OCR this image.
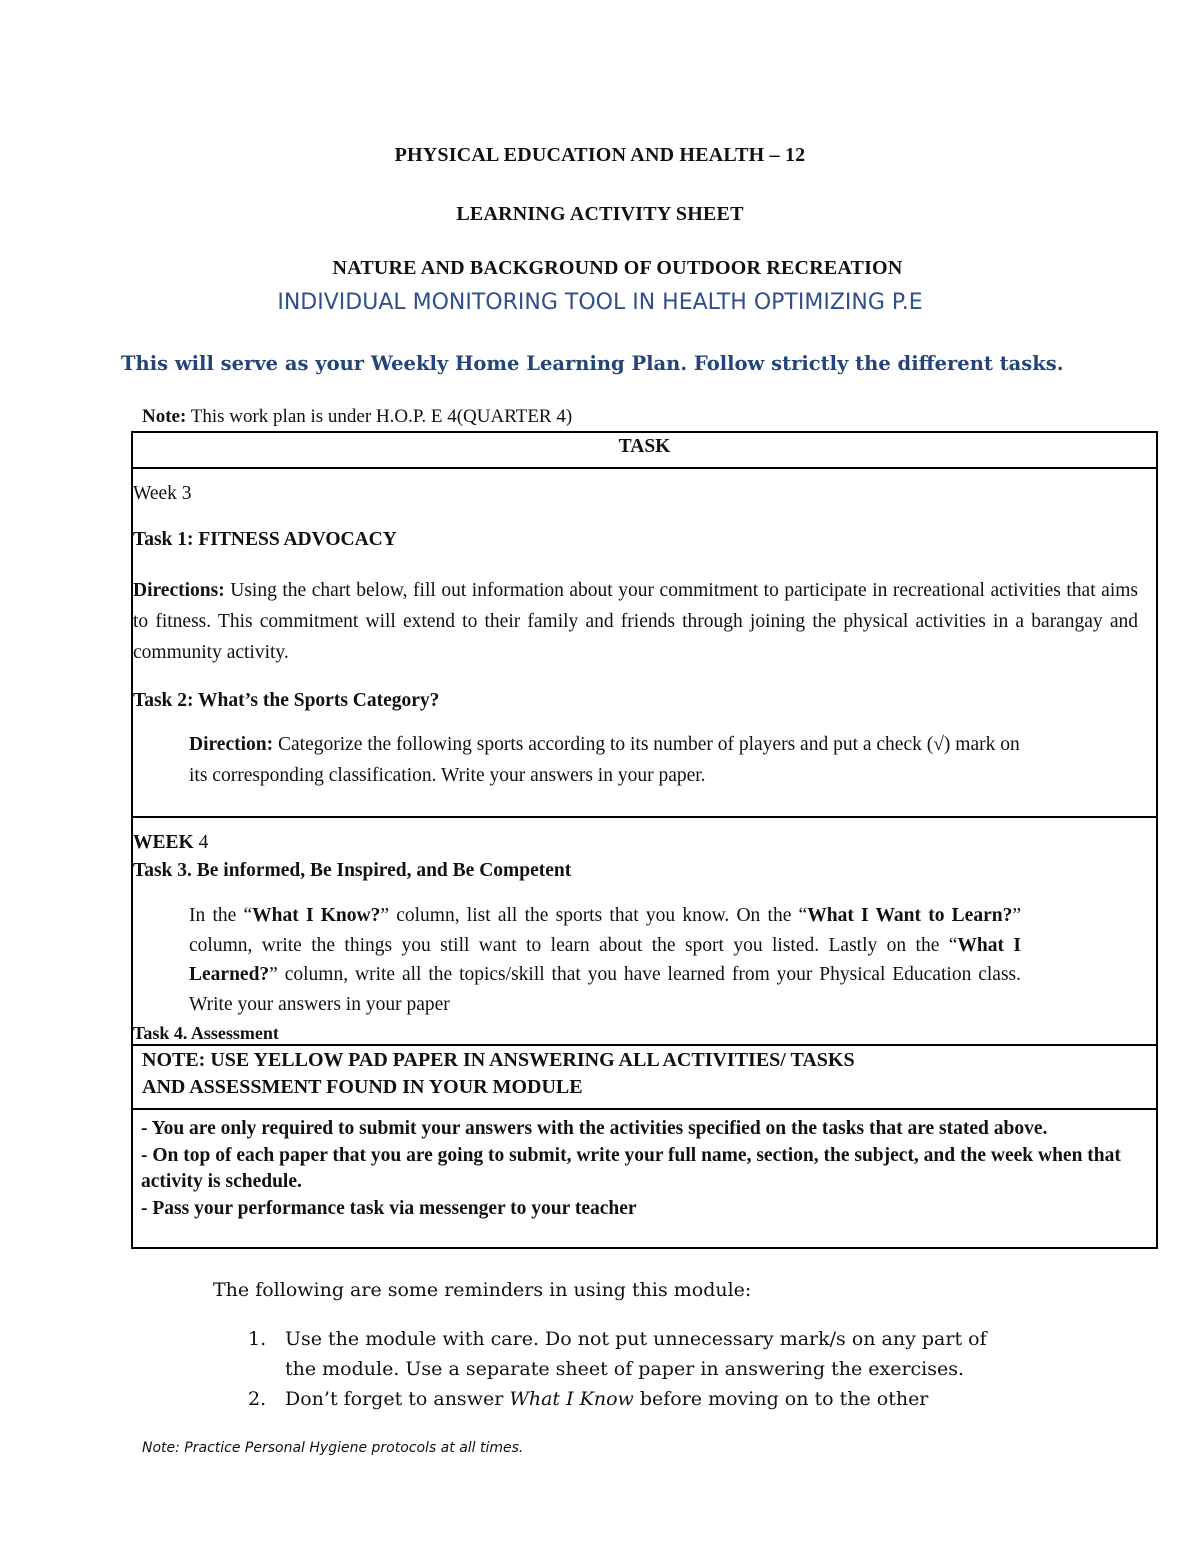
PHYSICAL EDUCATION AND HEALTH – 12
LEARNING ACTIVITY SHEET
NATURE AND BACKGROUND OF OUTDOOR RECREATION
INDIVIDUAL MONITORING TOOL IN HEALTH OPTIMIZING P.E
This will serve as your Weekly Home Learning Plan. Follow strictly the different tasks.
Note: This work plan is under H.O.P. E 4(QUARTER 4)
TASK
Week 3
Task 1: FITNESS ADVOCACY
Directions: Using the chart below, fill out information about your commitment to participate in recreational activities that aims to fitness. This commitment will extend to their family and friends through joining the physical activities in a barangay and community activity.
Task 2: What’s the Sports Category?
Direction: Categorize the following sports according to its number of players and put a check (√) mark on its corresponding classification. Write your answers in your paper.
WEEK 4
Task 3. Be informed, Be Inspired, and Be Competent
In the “What I Know?” column, list all the sports that you know. On the “What I Want to Learn?” column, write the things you still want to learn about the sport you listed. Lastly on the “What I Learned?” column, write all the topics/skill that you have learned from your Physical Education class. Write your answers in your paper
Task 4. Assessment
NOTE: USE YELLOW PAD PAPER IN ANSWERING ALL ACTIVITIES/ TASKS
AND ASSESSMENT FOUND IN YOUR MODULE
- You are only required to submit your answers with the activities specified on the tasks that are stated above.
- On top of each paper that you are going to submit, write your full name, section, the subject, and the week when that activity is schedule.
- Pass your performance task via messenger to your teacher
The following are some reminders in using this module:
1. Use the module with care. Do not put unnecessary mark/s on any part of the module. Use a separate sheet of paper in answering the exercises.
2. Don’t forget to answer What I Know before moving on to the other
Note: Practice Personal Hygiene protocols at all times.
